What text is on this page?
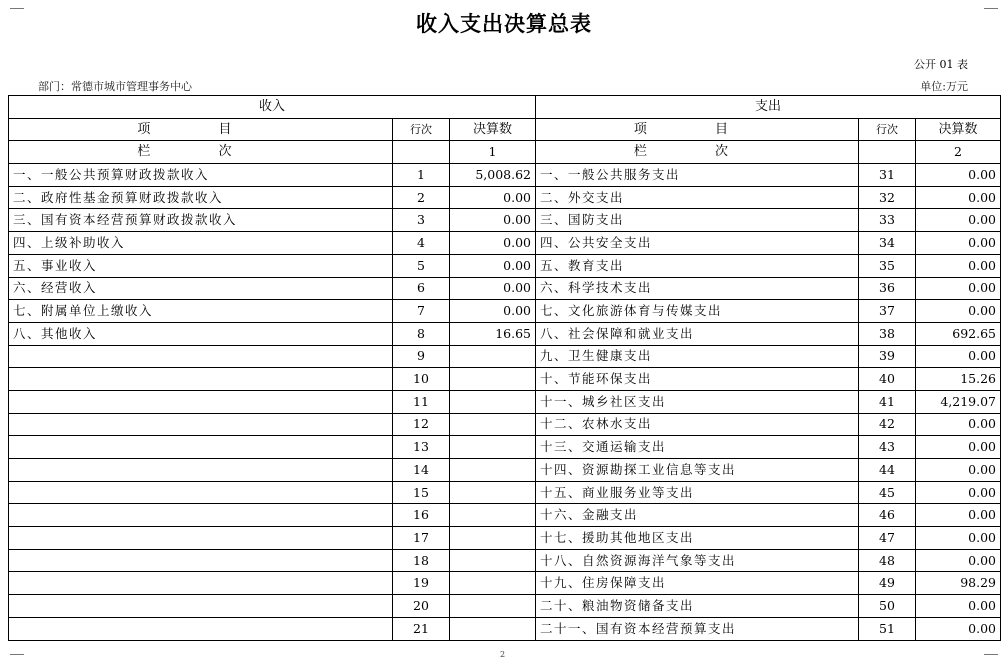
收入支出决算总表
公开 01 表
部门：常德市城市管理事务中心	单位:万元
收入			支出		
项 目	行次	决算数	项 目	行次	决算数
栏 次		1	栏 次		2
一、一般公共预算财政拨款收入	1	5,008.62	一、一般公共服务支出	31	0.00
二、政府性基金预算财政拨款收入	2	0.00	二、外交支出	32	0.00
三、国有资本经营预算财政拨款收入	3	0.00	三、国防支出	33	0.00
四、上级补助收入	4	0.00	四、公共安全支出	34	0.00
五、事业收入	5	0.00	五、教育支出	35	0.00
六、经营收入	6	0.00	六、科学技术支出	36	0.00
七、附属单位上缴收入	7	0.00	七、文化旅游体育与传媒支出	37	0.00
八、其他收入	8	16.65	八、社会保障和就业支出	38	692.65
	9		九、卫生健康支出	39	0.00
	10		十、节能环保支出	40	15.26
	11		十一、城乡社区支出	41	4,219.07
	12		十二、农林水支出	42	0.00
	13		十三、交通运输支出	43	0.00
	14		十四、资源勘探工业信息等支出	44	0.00
	15		十五、商业服务业等支出	45	0.00
	16		十六、金融支出	46	0.00
	17		十七、援助其他地区支出	47	0.00
	18		十八、自然资源海洋气象等支出	48	0.00
	19		十九、住房保障支出	49	98.29
	20		二十、粮油物资储备支出	50	0.00
	21		二十一、国有资本经营预算支出	51	0.00
2
